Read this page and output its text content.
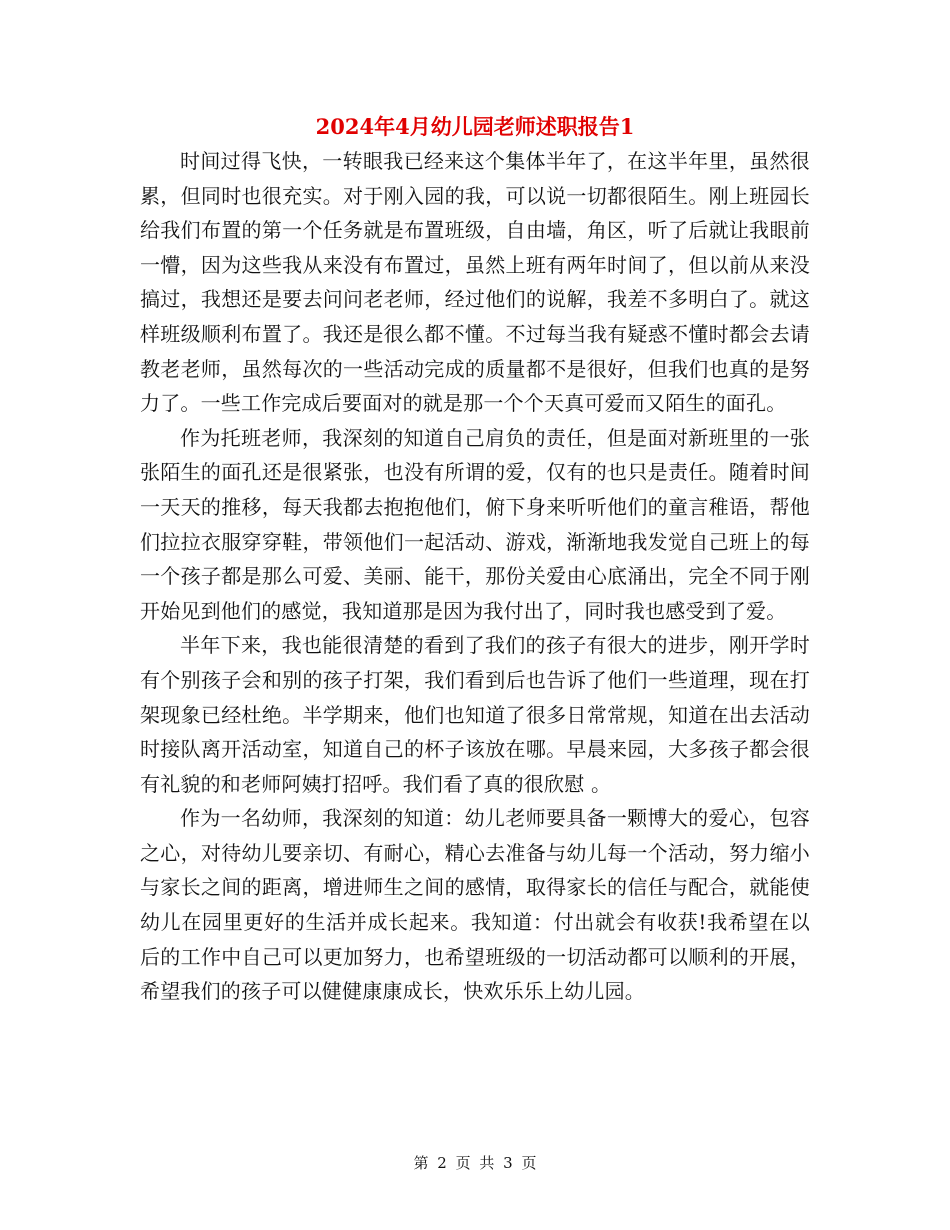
2024年4月幼儿园老师述职报告1

时间过得飞快，一转眼我已经来这个集体半年了，在这半年里，虽然很累，但同时也很充实。对于刚入园的我，可以说一切都很陌生。刚上班园长给我们布置的第一个任务就是布置班级，自由墙，角区，听了后就让我眼前一懵，因为这些我从来没有布置过，虽然上班有两年时间了，但以前从来没搞过，我想还是要去问问老老师，经过他们的说解，我差不多明白了。就这样班级顺利布置了。我还是很么都不懂。不过每当我有疑惑不懂时都会去请教老老师，虽然每次的一些活动完成的质量都不是很好，但我们也真的是努力了。一些工作完成后要面对的就是那一个个天真可爱而又陌生的面孔。

作为托班老师，我深刻的知道自己肩负的责任，但是面对新班里的一张张陌生的面孔还是很紧张，也没有所谓的爱，仅有的也只是责任。随着时间一天天的推移，每天我都去抱抱他们，俯下身来听听他们的童言稚语，帮他们拉拉衣服穿穿鞋，带领他们一起活动、游戏，渐渐地我发觉自己班上的每一个孩子都是那么可爱、美丽、能干，那份关爱由心底涌出，完全不同于刚开始见到他们的感觉，我知道那是因为我付出了，同时我也感受到了爱。

半年下来，我也能很清楚的看到了我们的孩子有很大的进步，刚开学时有个别孩子会和别的孩子打架，我们看到后也告诉了他们一些道理，现在打架现象已经杜绝。半学期来，他们也知道了很多日常常规，知道在出去活动时接队离开活动室，知道自己的杯子该放在哪。早晨来园，大多孩子都会很有礼貌的和老师阿姨打招呼。我们看了真的很欣慰 。

作为一名幼师，我深刻的知道：幼儿老师要具备一颗博大的爱心，包容之心，对待幼儿要亲切、有耐心，精心去准备与幼儿每一个活动，努力缩小与家长之间的距离，增进师生之间的感情，取得家长的信任与配合，就能使幼儿在园里更好的生活并成长起来。我知道：付出就会有收获!我希望在以后的工作中自己可以更加努力，也希望班级的一切活动都可以顺利的开展，希望我们的孩子可以健健康康成长，快欢乐乐上幼儿园。

第 2 页 共 3 页
